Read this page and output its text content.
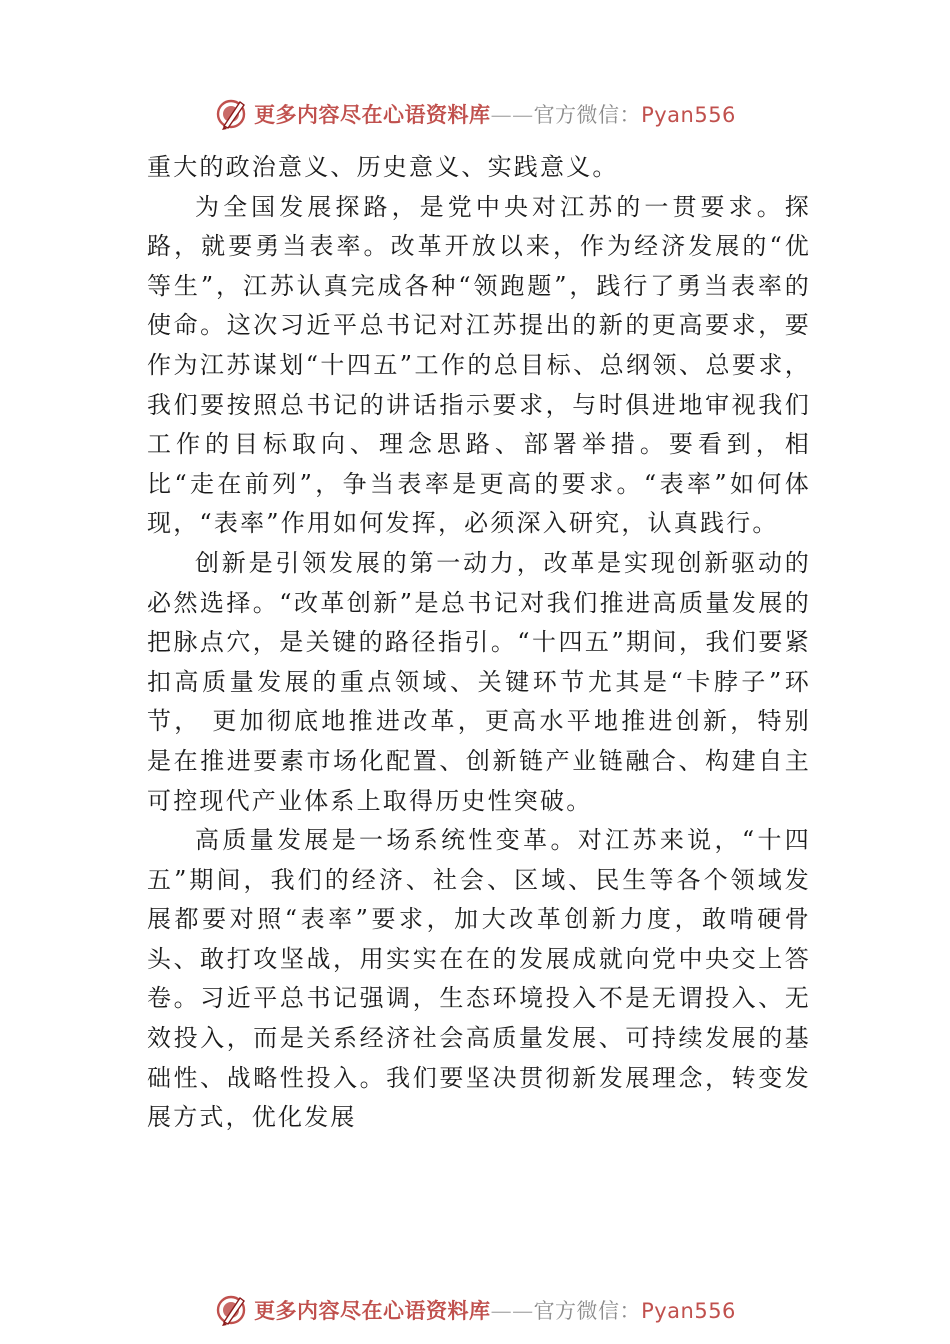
更多内容尽在心语资料库——官方微信：Pyan556

重大的政治意义、历史意义、实践意义。

为全国发展探路，是党中央对江苏的一贯要求。探路，就要勇当表率。改革开放以来，作为经济发展的“优等生”，江苏认真完成各种“领跑题”，践行了勇当表率的使命。这次习近平总书记对江苏提出的新的更高要求，要作为江苏谋划“十四五”工作的总目标、总纲领、总要求，我们要按照总书记的讲话指示要求，与时俱进地审视我们工作的目标取向、理念思路、部署举措。要看到，相比“走在前列”，争当表率是更高的要求。“表率”如何体现，“表率”作用如何发挥，必须深入研究，认真践行。

创新是引领发展的第一动力，改革是实现创新驱动的必然选择。“改革创新”是总书记对我们推进高质量发展的把脉点穴，是关键的路径指引。“十四五”期间，我们要紧扣高质量发展的重点领域、关键环节尤其是“卡脖子”环节， 更加彻底地推进改革，更高水平地推进创新，特别是在推进要素市场化配置、创新链产业链融合、构建自主可控现代产业体系上取得历史性突破。

高质量发展是一场系统性变革。对江苏来说，“十四五”期间，我们的经济、社会、区域、民生等各个领域发展都要对照“表率”要求，加大改革创新力度，敢啃硬骨头、敢打攻坚战，用实实在在的发展成就向党中央交上答卷。习近平总书记强调，生态环境投入不是无谓投入、无效投入，而是关系经济社会高质量发展、可持续发展的基础性、战略性投入。我们要坚决贯彻新发展理念，转变发展方式，优化发展

更多内容尽在心语资料库——官方微信：Pyan556
